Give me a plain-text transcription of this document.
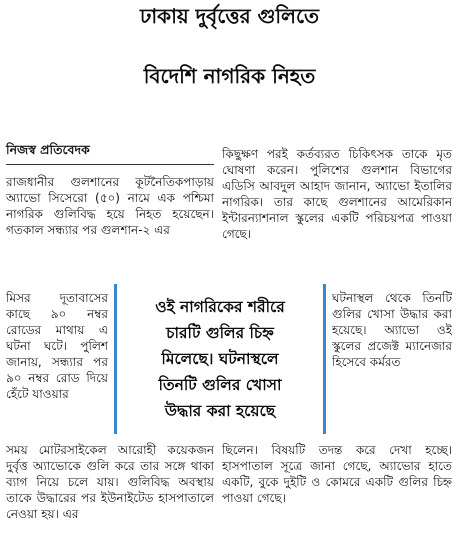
ঢাকায় দুর্বৃত্তের গুলিতে
বিদেশি নাগরিক নিহত
নিজস্ব প্রতিবেদক
রাজধানীর গুলশানের কূটনৈতিকপাড়ায় অ্যাভো সিসেরো (৫০) নামে এক পশ্চিমা নাগরিক গুলিবিদ্ধ হয়ে নিহত হয়েছেন। গতকাল সন্ধ্যার পর গুলশান-২ এর
মিসর দূতাবাসের কাছে ৯০ নম্বর রোডের মাথায় এ ঘটনা ঘটে। পুলিশ জানায়, সন্ধ্যার পর ৯০ নম্বর রোড দিয়ে হেঁটে যাওয়ার
কিছুক্ষণ পরই কর্তব্যরত চিকিৎসক তাকে মৃত ঘোষণা করেন। পুলিশের গুলশান বিভাগের এডিসি আবদুল আহাদ জানান, অ্যাভো ইতালির নাগরিক। তার কাছে গুলশানের আমেরিকান ইন্টারন্যাশনাল স্কুলের একটি পরিচয়পত্র পাওয়া গেছে।
ঘটনাস্থল থেকে তিনটি গুলির খোসা উদ্ধার করা হয়েছে। অ্যাভো ওই স্কুলের প্রজেক্ট ম্যানেজার হিসেবে কর্মরত
সময় মোটরসাইকেল আরোহী কয়েকজন দুর্বৃত্ত অ্যাভোকে গুলি করে তার সঙ্গে থাকা ব্যাগ নিয়ে চলে যায়। গুলিবিদ্ধ অবস্থায় তাকে উদ্ধারের পর ইউনাইটেড হাসপাতালে নেওয়া হয়। এর
ছিলেন। বিষয়টি তদন্ত করে দেখা হচ্ছে। হাসপাতাল সূত্রে জানা গেছে, অ্যাভোর হাতে একটি, বুকে দুইটি ও কোমরে একটি গুলির চিহ্ন পাওয়া গেছে।
ওই নাগরিকের শরীরে
চারটি গুলির চিহ্ন
মিলেছে। ঘটনাস্থলে
তিনটি গুলির খোসা
উদ্ধার করা হয়েছে
